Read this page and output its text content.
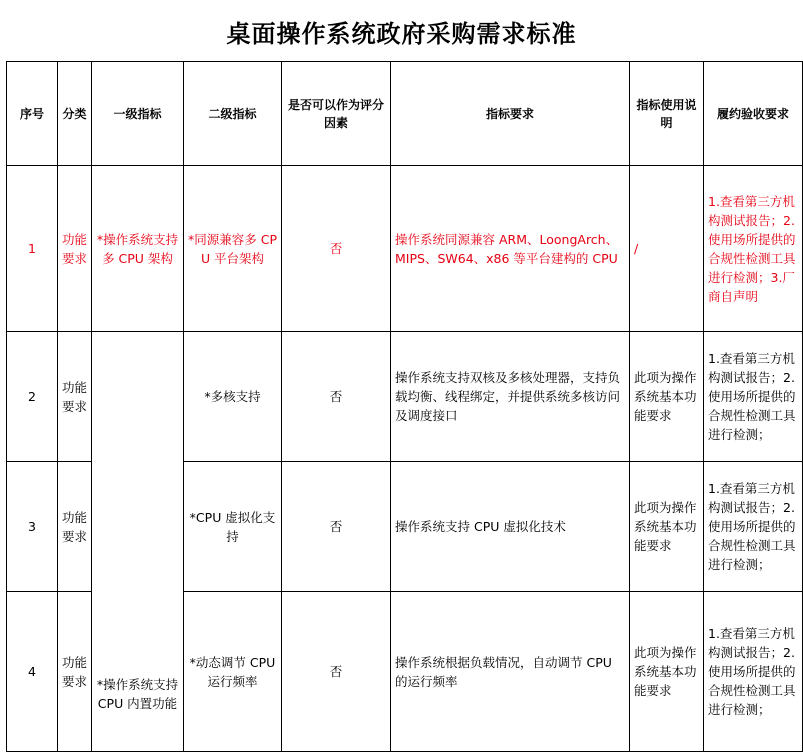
桌面操作系统政府采购需求标准
序号	分类	一级指标	二级指标	是否可以作为评分因素	指标要求	指标使用说明	履约验收要求
1	功能要求	*操作系统支持多 CPU 架构	*同源兼容多 CPU 平台架构	否	操作系统同源兼容 ARM、LoongArch、MIPS、SW64、x86 等平台建构的 CPU	/	1.查看第三方机构测试报告；2.使用场所提供的合规性检测工具进行检测；3.厂商自声明
2	功能要求	*操作系统支持CPU 内置功能	*多核支持	否	操作系统支持双核及多核处理器，支持负载均衡、线程绑定，并提供系统多核访问及调度接口	此项为操作系统基本功能要求	1.查看第三方机构测试报告；2.使用场所提供的合规性检测工具进行检测；
3	功能要求		*CPU 虚拟化支持	否	操作系统支持 CPU 虚拟化技术	此项为操作系统基本功能要求	1.查看第三方机构测试报告；2.使用场所提供的合规性检测工具进行检测；
4	功能要求		*动态调节 CPU 运行频率	否	操作系统根据负载情况，自动调节 CPU 的运行频率	此项为操作系统基本功能要求	1.查看第三方机构测试报告；2.使用场所提供的合规性检测工具进行检测；
